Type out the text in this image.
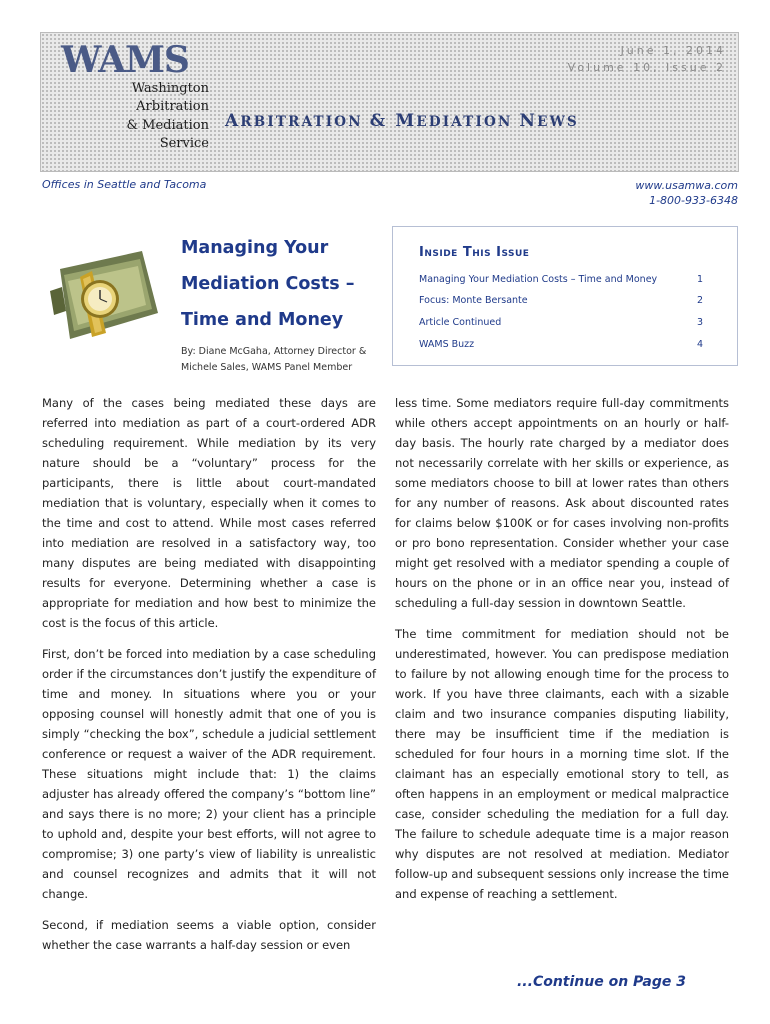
WAMS
Washington
Arbitration
& Mediation
Service
June 1, 2014
Volume 10, Issue 2
ARBITRATION & MEDIATION NEWS
Offices in Seattle and Tacoma	www.usamwa.com
1-800-933-6348
Managing Your
Mediation Costs –
Time and Money
By: Diane McGaha, Attorney Director &
Michele Sales, WAMS Panel Member
Inside This Issue
Managing Your Mediation Costs – Time and Money	1
Focus: Monte Bersante	2
Article Continued	3
WAMS Buzz	4

Many of the cases being mediated these days are referred into mediation as part of a court-ordered ADR scheduling requirement. While mediation by its very nature should be a “voluntary” process for the participants, there is little about court-mandated mediation that is voluntary, especially when it comes to the time and cost to attend. While most cases referred into mediation are resolved in a satisfactory way, too many disputes are being mediated with disappointing results for everyone. Determining whether a case is appropriate for mediation and how best to minimize the cost is the focus of this article.

First, don’t be forced into mediation by a case scheduling order if the circumstances don’t justify the expenditure of time and money. In situations where you or your opposing counsel will honestly admit that one of you is simply “checking the box”, schedule a judicial settlement conference or request a waiver of the ADR requirement. These situations might include that: 1) the claims adjuster has already offered the company’s “bottom line” and says there is no more; 2) your client has a principle to uphold and, despite your best efforts, will not agree to compromise; 3) one party’s view of liability is unrealistic and counsel recognizes and admits that it will not change.

Second, if mediation seems a viable option, consider whether the case warrants a half-day session or even

less time. Some mediators require full-day commitments while others accept appointments on an hourly or half-day basis. The hourly rate charged by a mediator does not necessarily correlate with her skills or experience, as some mediators choose to bill at lower rates than others for any number of reasons. Ask about discounted rates for claims below $100K or for cases involving non-profits or pro bono representation. Consider whether your case might get resolved with a mediator spending a couple of hours on the phone or in an office near you, instead of scheduling a full-day session in downtown Seattle.

The time commitment for mediation should not be underestimated, however. You can predispose mediation to failure by not allowing enough time for the process to work. If you have three claimants, each with a sizable claim and two insurance companies disputing liability, there may be insufficient time if the mediation is scheduled for four hours in a morning time slot. If the claimant has an especially emotional story to tell, as often happens in an employment or medical malpractice case, consider scheduling the mediation for a full day. The failure to schedule adequate time is a major reason why disputes are not resolved at mediation. Mediator follow-up and subsequent sessions only increase the time and expense of reaching a settlement.

...Continue on Page 3
